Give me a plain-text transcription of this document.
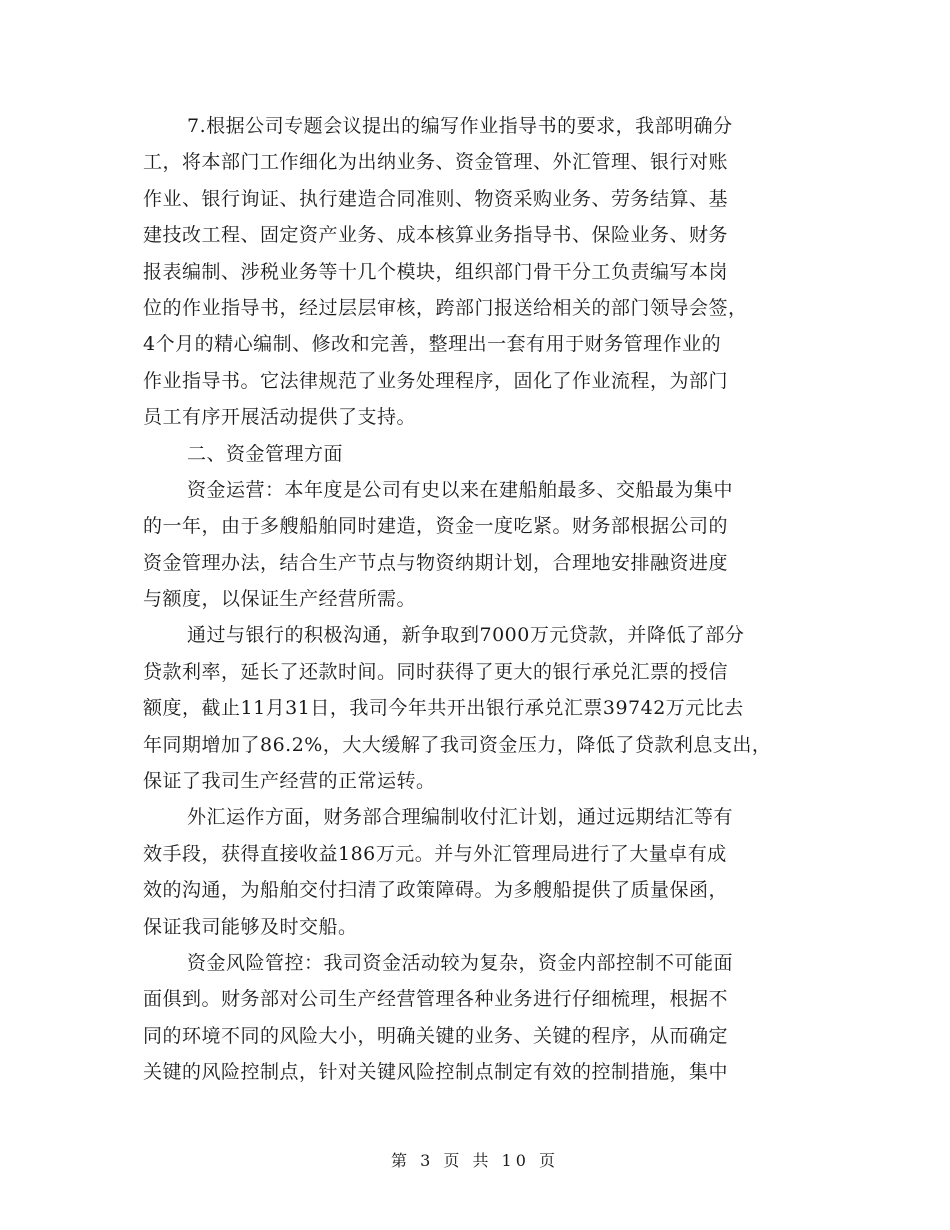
7.根据公司专题会议提出的编写作业指导书的要求，我部明确分
工，将本部门工作细化为出纳业务、资金管理、外汇管理、银行对账
作业、银行询证、执行建造合同准则、物资采购业务、劳务结算、基
建技改工程、固定资产业务、成本核算业务指导书、保险业务、财务
报表编制、涉税业务等十几个模块，组织部门骨干分工负责编写本岗
位的作业指导书，经过层层审核，跨部门报送给相关的部门领导会签，
4个月的精心编制、修改和完善，整理出一套有用于财务管理作业的
作业指导书。它法律规范了业务处理程序，固化了作业流程，为部门
员工有序开展活动提供了支持。
二、资金管理方面
资金运营：本年度是公司有史以来在建船舶最多、交船最为集中
的一年，由于多艘船舶同时建造，资金一度吃紧。财务部根据公司的
资金管理办法，结合生产节点与物资纳期计划，合理地安排融资进度
与额度，以保证生产经营所需。
通过与银行的积极沟通，新争取到7000万元贷款，并降低了部分
贷款利率，延长了还款时间。同时获得了更大的银行承兑汇票的授信
额度，截止11月31日，我司今年共开出银行承兑汇票39742万元比去
年同期增加了86.2%，大大缓解了我司资金压力，降低了贷款利息支出，
保证了我司生产经营的正常运转。
外汇运作方面，财务部合理编制收付汇计划，通过远期结汇等有
效手段，获得直接收益186万元。并与外汇管理局进行了大量卓有成
效的沟通，为船舶交付扫清了政策障碍。为多艘船提供了质量保函，
保证我司能够及时交船。
资金风险管控：我司资金活动较为复杂，资金内部控制不可能面
面俱到。财务部对公司生产经营管理各种业务进行仔细梳理，根据不
同的环境不同的风险大小，明确关键的业务、关键的程序，从而确定
关键的风险控制点，针对关键风险控制点制定有效的控制措施，集中
第 3 页 共 10 页
